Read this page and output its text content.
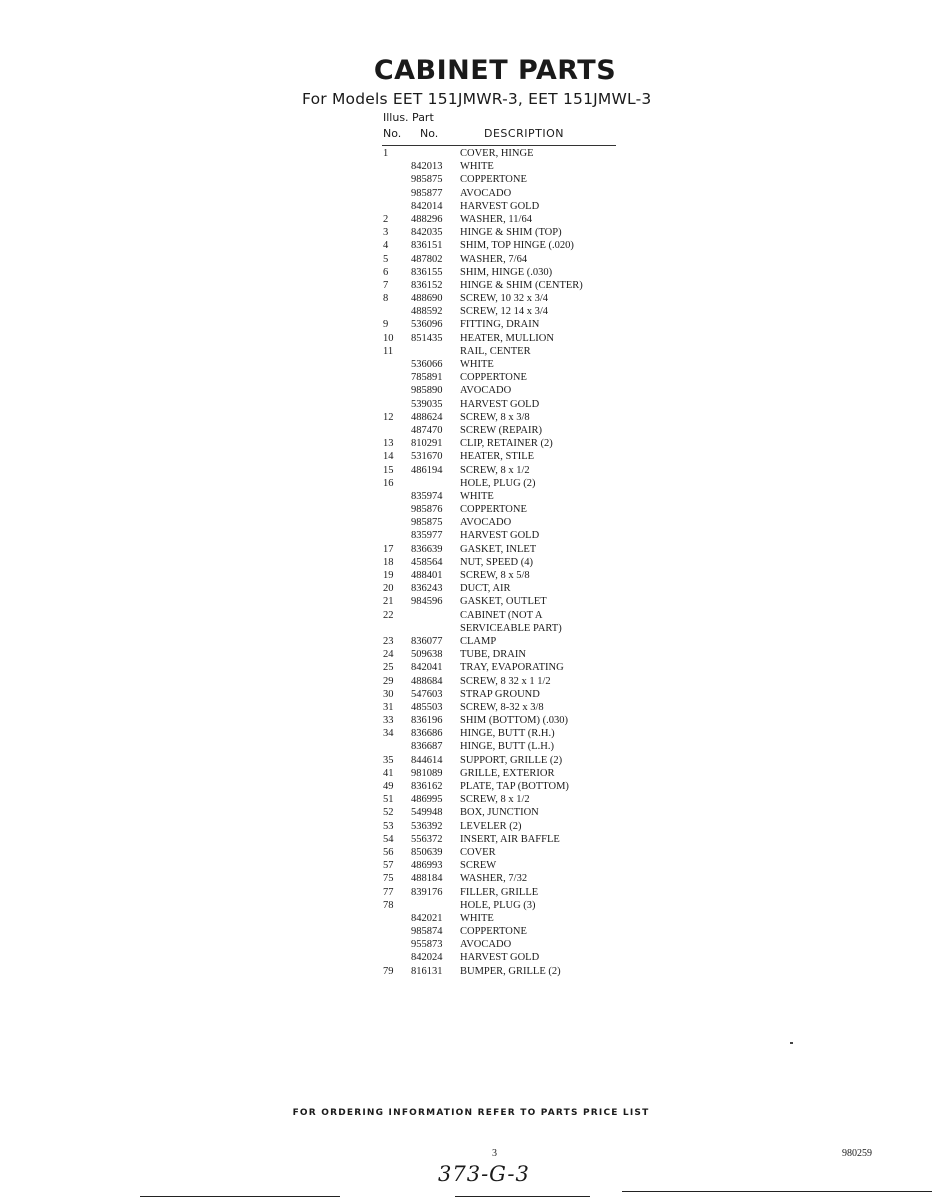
CABINET PARTS
For Models EET 151JMWR-3, EET 151JMWL-3
Illus. Part
No. No.	DESCRIPTION
1	COVER, HINGE
842013 WHITE
985875 COPPERTONE
985877 AVOCADO
842014 HARVEST GOLD
2 488296 WASHER, 11/64
3 842035 HINGE & SHIM (TOP)
4 836151 SHIM, TOP HINGE (.020)
5 487802 WASHER, 7/64
6 836155 SHIM, HINGE (.030)
7 836152 HINGE & SHIM (CENTER)
8 488690 SCREW, 10 32 x 3/4
488592 SCREW, 12 14 x 3/4
9 536096 FITTING, DRAIN
10 851435 HEATER, MULLION
11	RAIL, CENTER
536066 WHITE
785891 COPPERTONE
985890 AVOCADO
539035 HARVEST GOLD
12 488624 SCREW, 8 x 3/8
487470 SCREW (REPAIR)
13 810291 CLIP, RETAINER (2)
14 531670 HEATER, STILE
15 486194 SCREW, 8 x 1/2
16	HOLE, PLUG (2)
835974 WHITE
985876 COPPERTONE
985875 AVOCADO
835977 HARVEST GOLD
17 836639 GASKET, INLET
18 458564 NUT, SPEED (4)
19 488401 SCREW, 8 x 5/8
20 836243 DUCT, AIR
21 984596 GASKET, OUTLET
22	CABINET (NOT A
SERVICEABLE PART)
23 836077 CLAMP
24 509638 TUBE, DRAIN
25 842041 TRAY, EVAPORATING
29 488684 SCREW, 8 32 x 1 1/2
30 547603 STRAP GROUND
31 485503 SCREW, 8-32 x 3/8
33 836196 SHIM (BOTTOM) (.030)
34 836686 HINGE, BUTT (R.H.)
836687 HINGE, BUTT (L.H.)
35 844614 SUPPORT, GRILLE (2)
41 981089 GRILLE, EXTERIOR
49 836162 PLATE, TAP (BOTTOM)
51 486995 SCREW, 8 x 1/2
52 549948 BOX, JUNCTION
53 536392 LEVELER (2)
54 556372 INSERT, AIR BAFFLE
56 850639 COVER
57 486993 SCREW
75 488184 WASHER, 7/32
77 839176 FILLER, GRILLE
78	HOLE, PLUG (3)
842021 WHITE
985874 COPPERTONE
955873 AVOCADO
842024 HARVEST GOLD
79 816131 BUMPER, GRILLE (2)
FOR ORDERING INFORMATION REFER TO PARTS PRICE LIST
3	980259
373-G-3
